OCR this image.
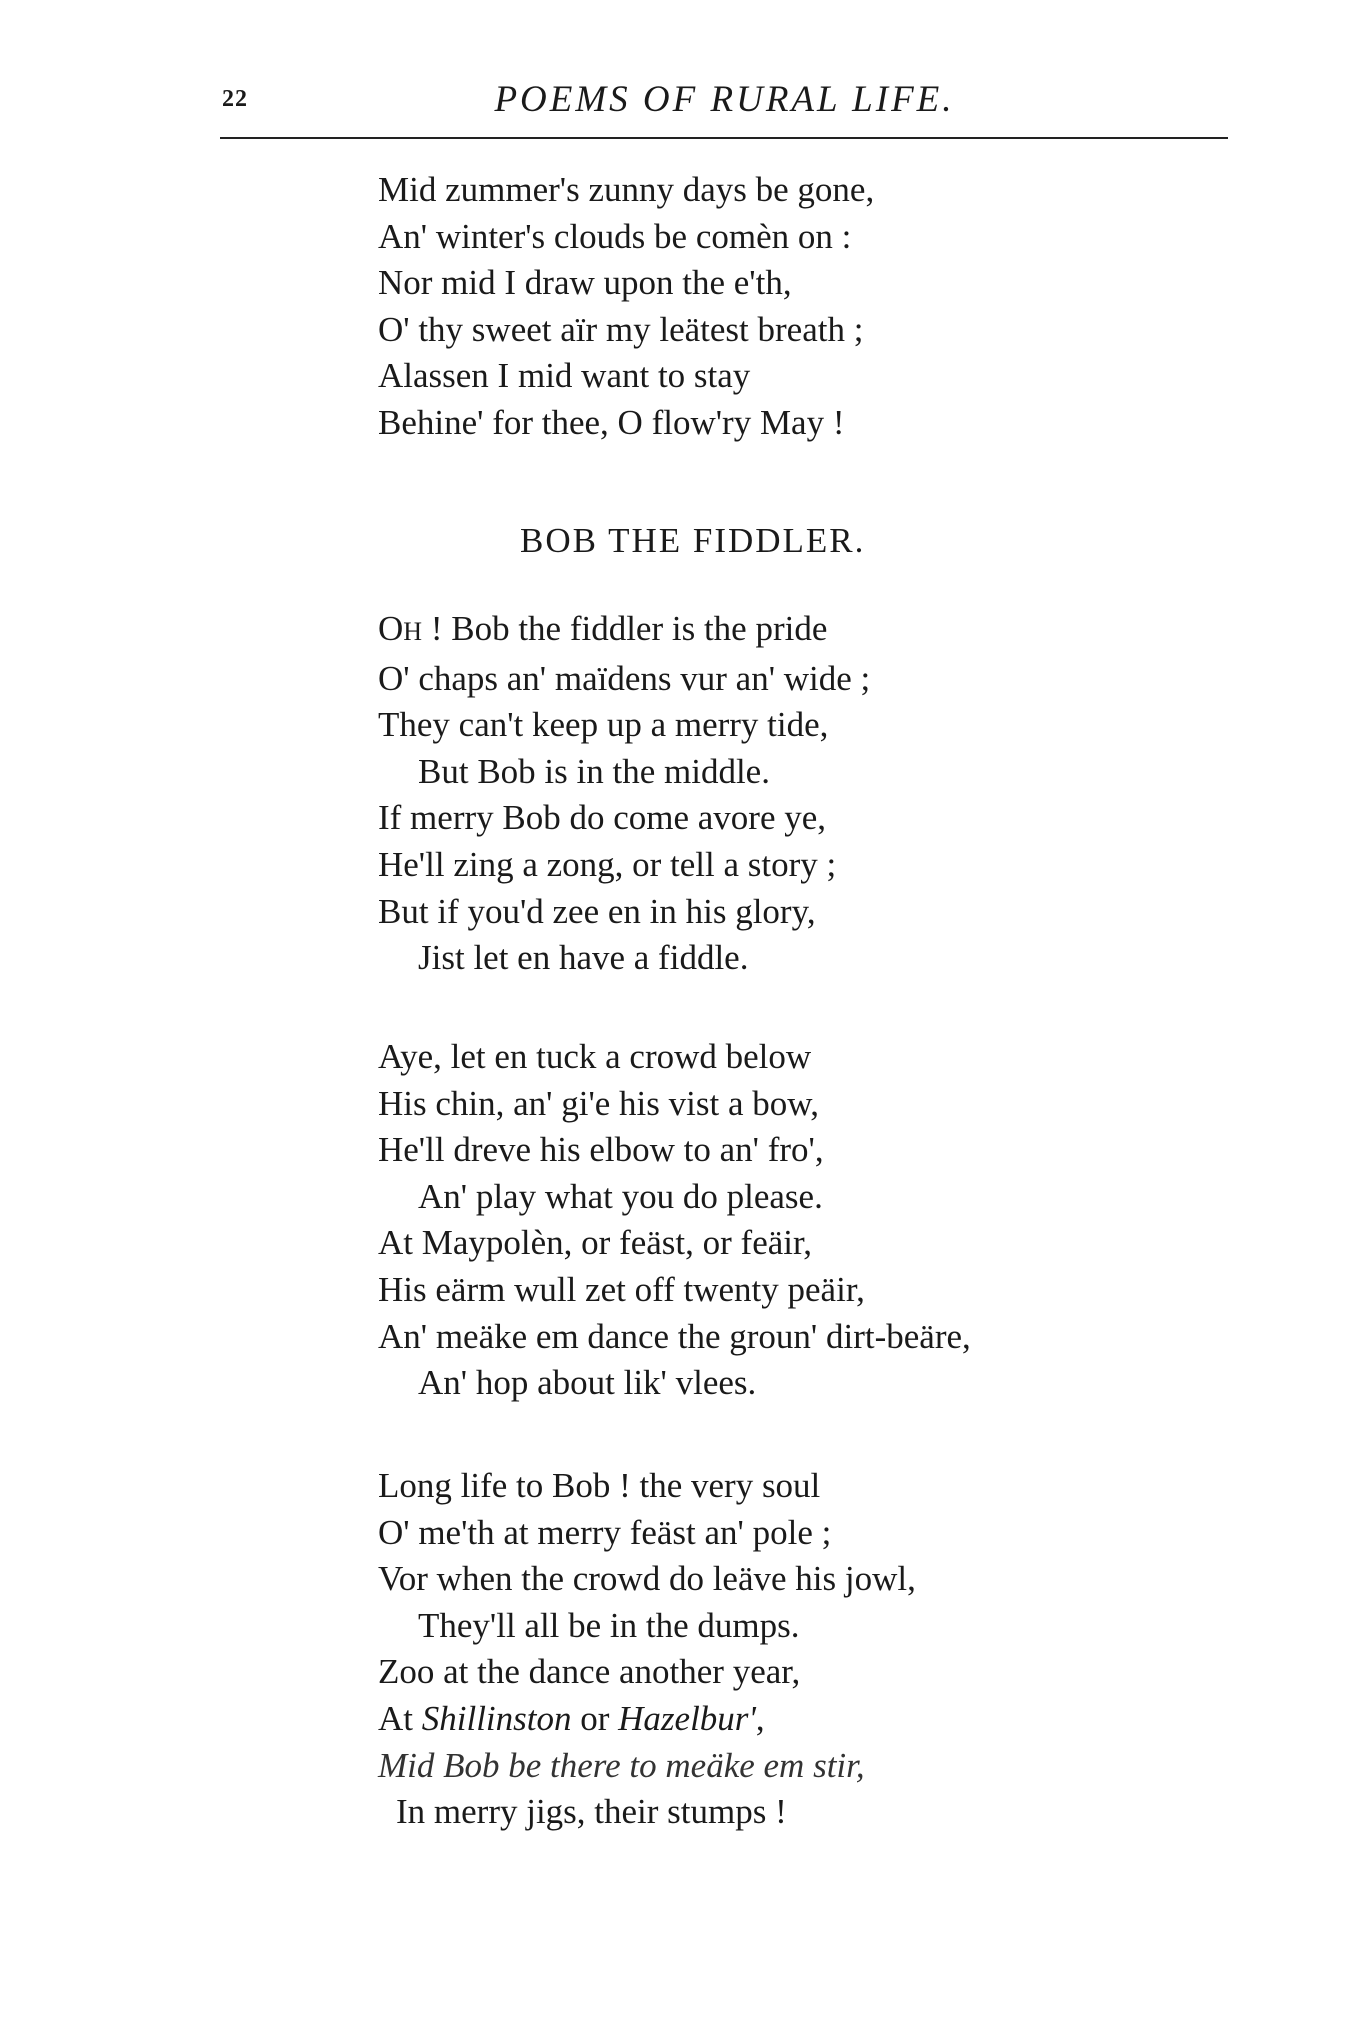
22	POEMS OF RURAL LIFE.
Mid zummer's zunny days be gone,
An' winter's clouds be comèn on :
Nor mid I draw upon the e'th,
O' thy sweet aïr my leätest breath ;
Alassen I mid want to stay
Behine' for thee, O flow'ry May !
BOB THE FIDDLER.
OH ! Bob the fiddler is the pride
O' chaps an' maïdens vur an' wide ;
They can't keep up a merry tide,
But Bob is in the middle.
If merry Bob do come avore ye,
He'll zing a zong, or tell a story ;
But if you'd zee en in his glory,
Jist let en have a fiddle.
Aye, let en tuck a crowd below
His chin, an' gi'e his vist a bow,
He'll dreve his elbow to an' fro',
An' play what you do please.
At Maypolèn, or feäst, or feäir,
His eärm wull zet off twenty peäir,
An' meäke em dance the groun' dirt-beäre,
An' hop about lik' vlees.
Long life to Bob ! the very soul
O' me'th at merry feäst an' pole ;
Vor when the crowd do leäve his jowl,
They'll all be in the dumps.
Zoo at the dance another year,
At Shillinston or Hazelbur',
Mid Bob be there to meäke em stir,
In merry jigs, their stumps !
